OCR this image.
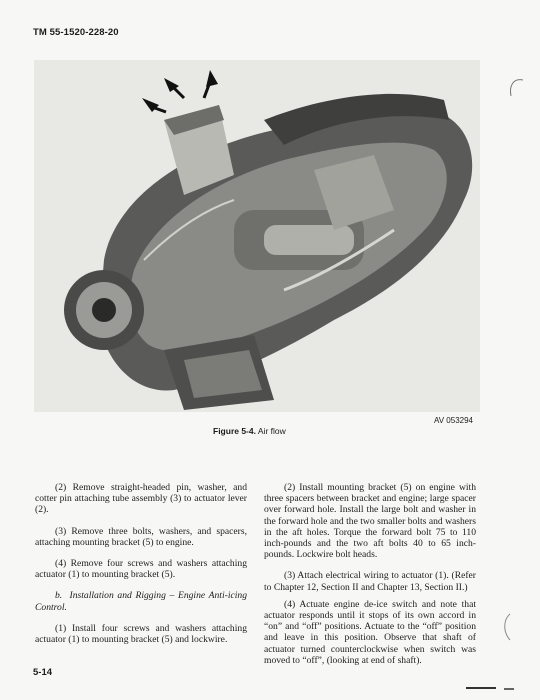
TM 55-1520-228-20
AV 053294
Figure 5-4. Air flow

(2) Remove straight-headed pin, washer, and cotter pin attaching tube assembly (3) to actuator lever (2).

(3) Remove three bolts, washers, and spacers, attaching mounting bracket (5) to engine.

(4) Remove four screws and washers attaching actuator (1) to mounting bracket (5).

b. Installation and Rigging – Engine Anti-icing Control.

(1) Install four screws and washers attaching actuator (1) to mounting bracket (5) and lockwire.

(2) Install mounting bracket (5) on engine with three spacers between bracket and engine; large spacer over forward hole. Install the large bolt and washer in the forward hole and the two smaller bolts and washers in the aft holes. Torque the forward bolt 75 to 110 inch-pounds and the two aft bolts 40 to 65 inch-pounds. Lockwire bolt heads.

(3) Attach electrical wiring to actuator (1). (Refer to Chapter 12, Section II and Chapter 13, Section II.)

(4) Actuate engine de-ice switch and note that actuator responds until it stops of its own accord in “on” and “off” positions. Actuate to the “off” position and leave in this position. Observe that shaft of actuator turned counterclockwise when switch was moved to “off”, (looking at end of shaft).

5-14
